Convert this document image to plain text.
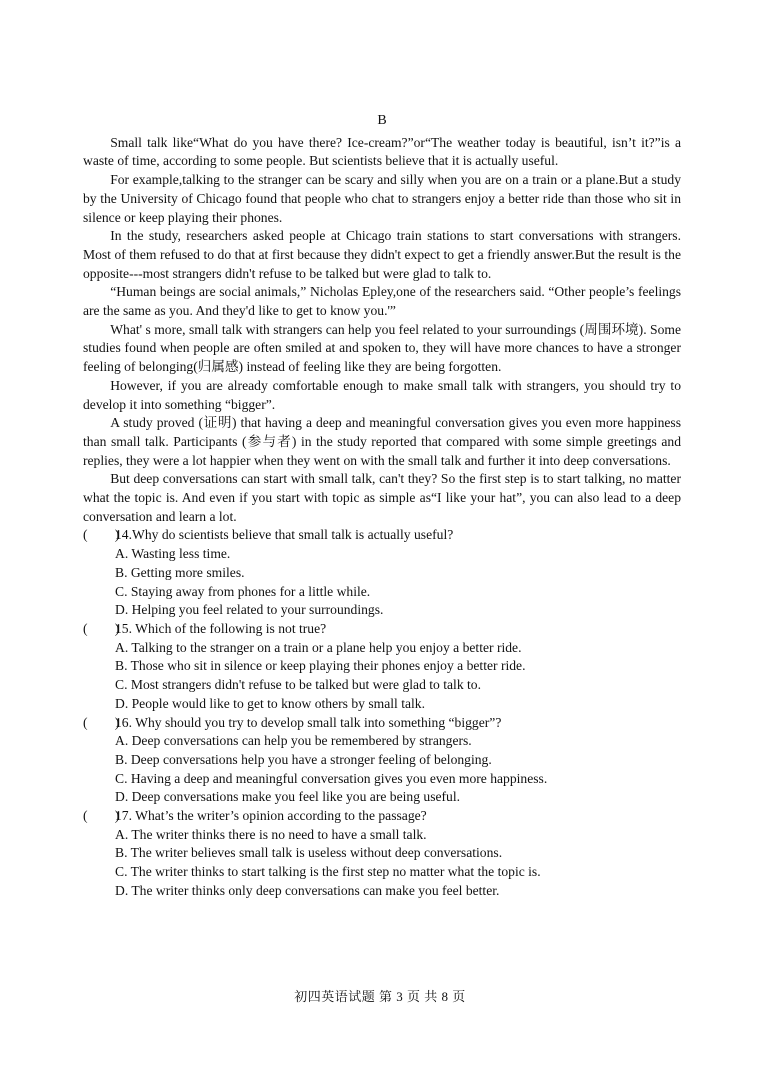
B

Small talk like“What do you have there? Ice-cream?”or“The weather today is beautiful, isn’t it?”is a waste of time, according to some people. But scientists believe that it is actually useful.

For example,talking to the stranger can be scary and silly when you are on a train or a plane.But a study by the University of Chicago found that people who chat to strangers enjoy a better ride than those who sit in silence or keep playing their phones.

In the study, researchers asked people at Chicago train stations to start conversations with strangers. Most of them refused to do that at first because they didn't expect to get a friendly answer.But the result is the opposite---most strangers didn't refuse to be talked but were glad to talk to.

“Human beings are social animals,” Nicholas Epley,one of the researchers said. “Other people’s feelings are the same as you. And they'd like to get to know you.'”

What' s more, small talk with strangers can help you feel related to your surroundings (周围环境). Some studies found when people are often smiled at and spoken to, they will have more chances to have a stronger feeling of belonging(归属感) instead of feeling like they are being forgotten.

However, if you are already comfortable enough to make small talk with strangers, you should try to develop it into something “bigger”.

A study proved (证明) that having a deep and meaningful conversation gives you even more happiness than small talk. Participants (参与者) in the study reported that compared with some simple greetings and replies, they were a lot happier when they went on with the small talk and further it into deep conversations.

But deep conversations can start with small talk, can't they? So the first step is to start talking, no matter what the topic is. And even if you start with topic as simple as“I like your hat”, you can also lead to a deep conversation and learn a lot.

(        )
14.Why do scientists believe that small talk is actually useful?

A. Wasting less time.

B. Getting more smiles.

C. Staying away from phones for a little while.

D. Helping you feel related to your surroundings.

(        )
15. Which of the following is not true?

A. Talking to the stranger on a train or a plane help you enjoy a better ride.

B. Those who sit in silence or keep playing their phones enjoy a better ride.

C. Most strangers didn't refuse to be talked but were glad to talk to.

D. People would like to get to know others by small talk.

(        )
16. Why should you try to develop small talk into something “bigger”?

A. Deep conversations can help you be remembered by strangers.

B. Deep conversations help you have a stronger feeling of belonging.

C. Having a deep and meaningful conversation gives you even more happiness.

D. Deep conversations make you feel like you are being useful.

(        )
17. What’s the writer’s opinion according to the passage?

A. The writer thinks there is no need to have a small talk.

B. The writer believes small talk is useless without deep conversations.

C. The writer thinks to start talking is the first step no matter what the topic is.

D. The writer thinks only deep conversations can make you feel better.

初四英语试题 第 3 页 共 8 页
